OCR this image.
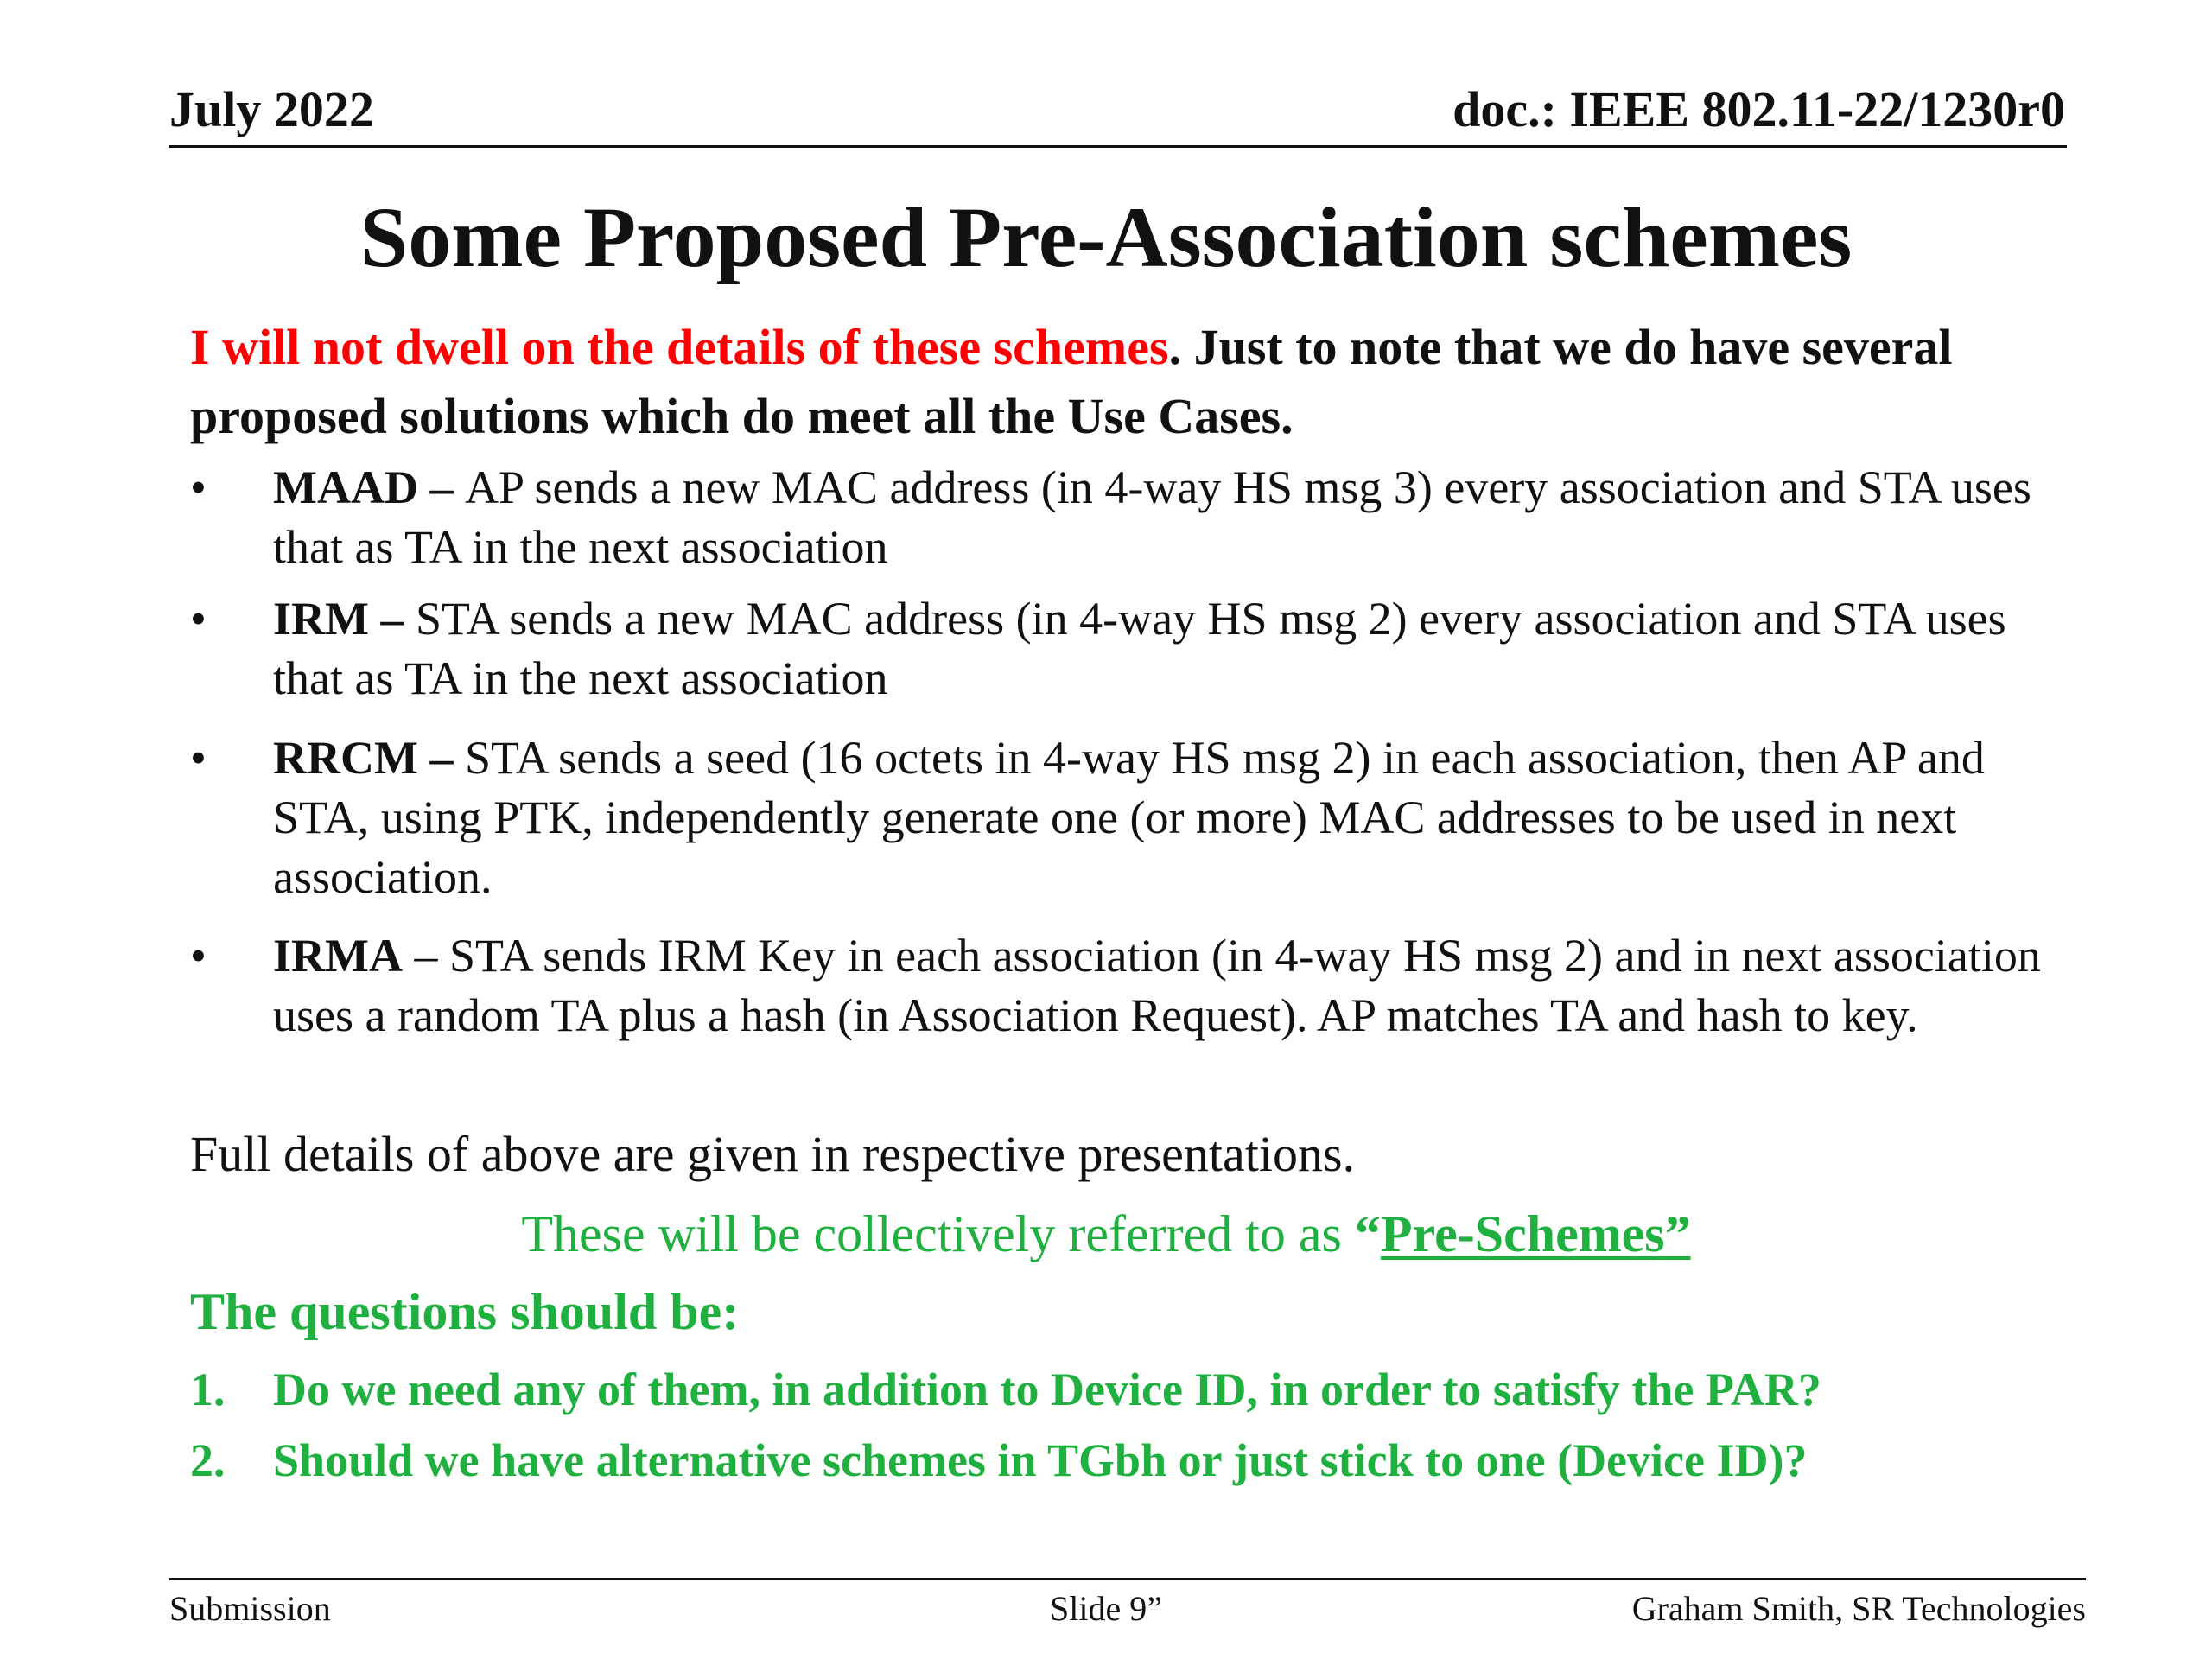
July 2022	doc.: IEEE 802.11-22/1230r0
Some Proposed Pre-Association schemes
I will not dwell on the details of these schemes. Just to note that we do have several proposed solutions which do meet all the Use Cases.
•	MAAD – AP sends a new MAC address (in 4-way HS msg 3) every association and STA uses that as TA in the next association
•	IRM – STA sends a new MAC address (in 4-way HS msg 2) every association and STA uses that as TA in the next association
•	RRCM – STA sends a seed (16 octets in 4-way HS msg 2) in each association, then AP and STA, using PTK, independently generate one (or more) MAC addresses to be used in next association.
•	IRMA – STA sends IRM Key in each association (in 4-way HS msg 2) and in next association uses a random TA plus a hash (in Association Request). AP matches TA and hash to key.
Full details of above are given in respective presentations.
These will be collectively referred to as “Pre-Schemes”
The questions should be:
1.	Do we need any of them, in addition to Device ID, in order to satisfy the PAR?
2.	Should we have alternative schemes in TGbh or just stick to one (Device ID)?
Submission	Slide 9”	Graham Smith, SR Technologies
